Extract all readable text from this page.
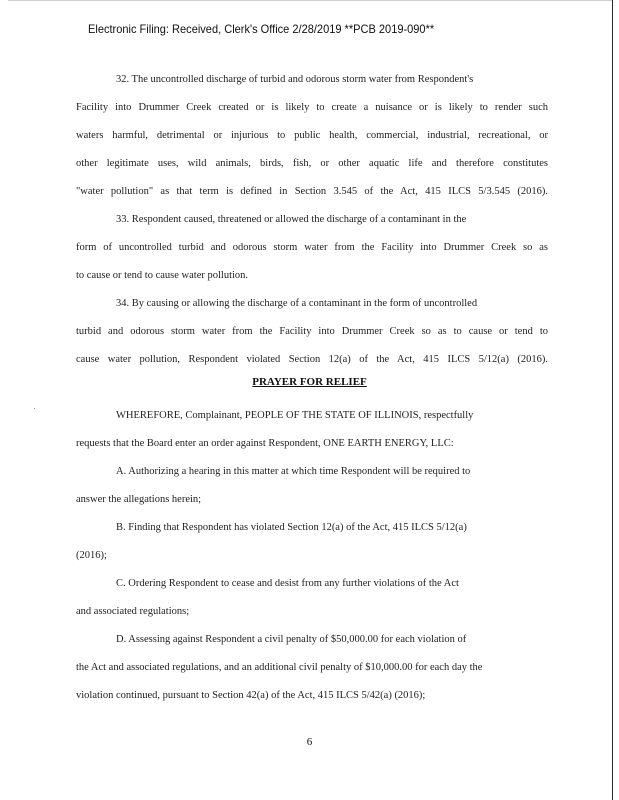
Electronic Filing: Received, Clerk's Office 2/28/2019 **PCB 2019-090**
32. The uncontrolled discharge of turbid and odorous storm water from Respondent's
Facility into Drummer Creek created or is likely to create a nuisance or is likely to render such
waters harmful, detrimental or injurious to public health, commercial, industrial, recreational, or
other legitimate uses, wild animals, birds, fish, or other aquatic life and therefore constitutes
"water pollution" as that term is defined in Section 3.545 of the Act, 415 ILCS 5/3.545 (2016).
33. Respondent caused, threatened or allowed the discharge of a contaminant in the
form of uncontrolled turbid and odorous storm water from the Facility into Drummer Creek so as
to cause or tend to cause water pollution.
34. By causing or allowing the discharge of a contaminant in the form of uncontrolled
turbid and odorous storm water from the Facility into Drummer Creek so as to cause or tend to
cause water pollution, Respondent violated Section 12(a) of the Act, 415 ILCS 5/12(a) (2016).
PRAYER FOR RELIEF
WHEREFORE, Complainant, PEOPLE OF THE STATE OF ILLINOIS, respectfully
requests that the Board enter an order against Respondent, ONE EARTH ENERGY, LLC:
A. Authorizing a hearing in this matter at which time Respondent will be required to
answer the allegations herein;
B. Finding that Respondent has violated Section 12(a) of the Act, 415 ILCS 5/12(a)
(2016);
C. Ordering Respondent to cease and desist from any further violations of the Act
and associated regulations;
D. Assessing against Respondent a civil penalty of $50,000.00 for each violation of
the Act and associated regulations, and an additional civil penalty of $10,000.00 for each day the
violation continued, pursuant to Section 42(a) of the Act, 415 ILCS 5/42(a) (2016);
6
